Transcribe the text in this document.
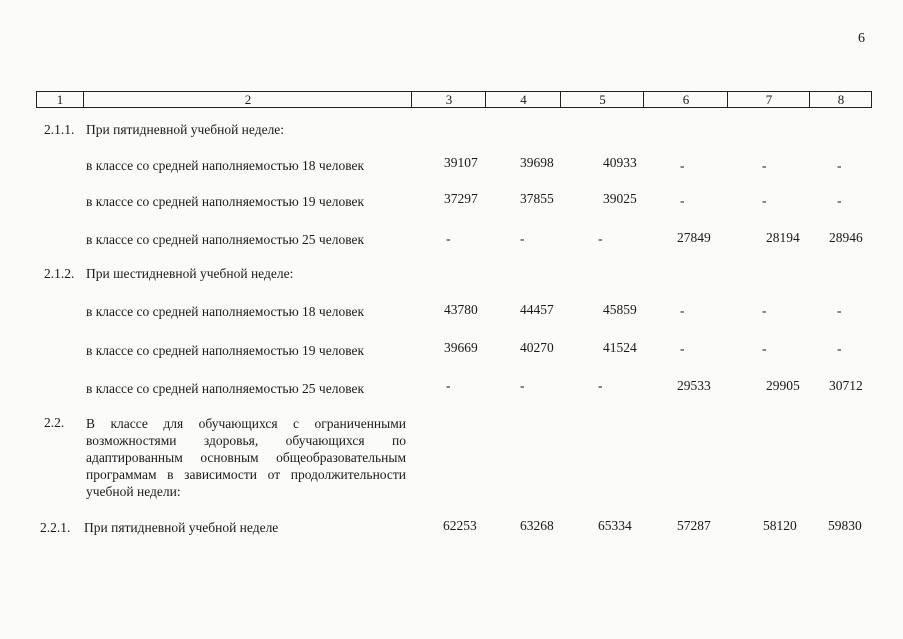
6
1	2	3	4	5	6	7	8
2.1.1. При пятидневной учебной неделе:
в классе со средней наполняемостью 18 человек	39107	39698	40933	-	-	-
в классе со средней наполняемостью 19 человек	37297	37855	39025	-	-	-
в классе со средней наполняемостью 25 человек	-	-	-	27849	28194 28946
2.1.2. При шестидневной учебной неделе:
в классе со средней наполняемостью 18 человек	43780	44457	45859	-	-	-
в классе со средней наполняемостью 19 человек	39669	40270	41524	-	-	-
в классе со средней наполняемостью 25 человек	-	-	-	29533	29905 30712
2.2. В классе для обучающихся с ограниченными возможностями здоровья, обучающихся по адаптированным основным общеобразовательным программам в зависимости от продолжительности учебной недели:
2.2.1. При пятидневной учебной неделе	62253	63268	65334	57287	58120 59830
